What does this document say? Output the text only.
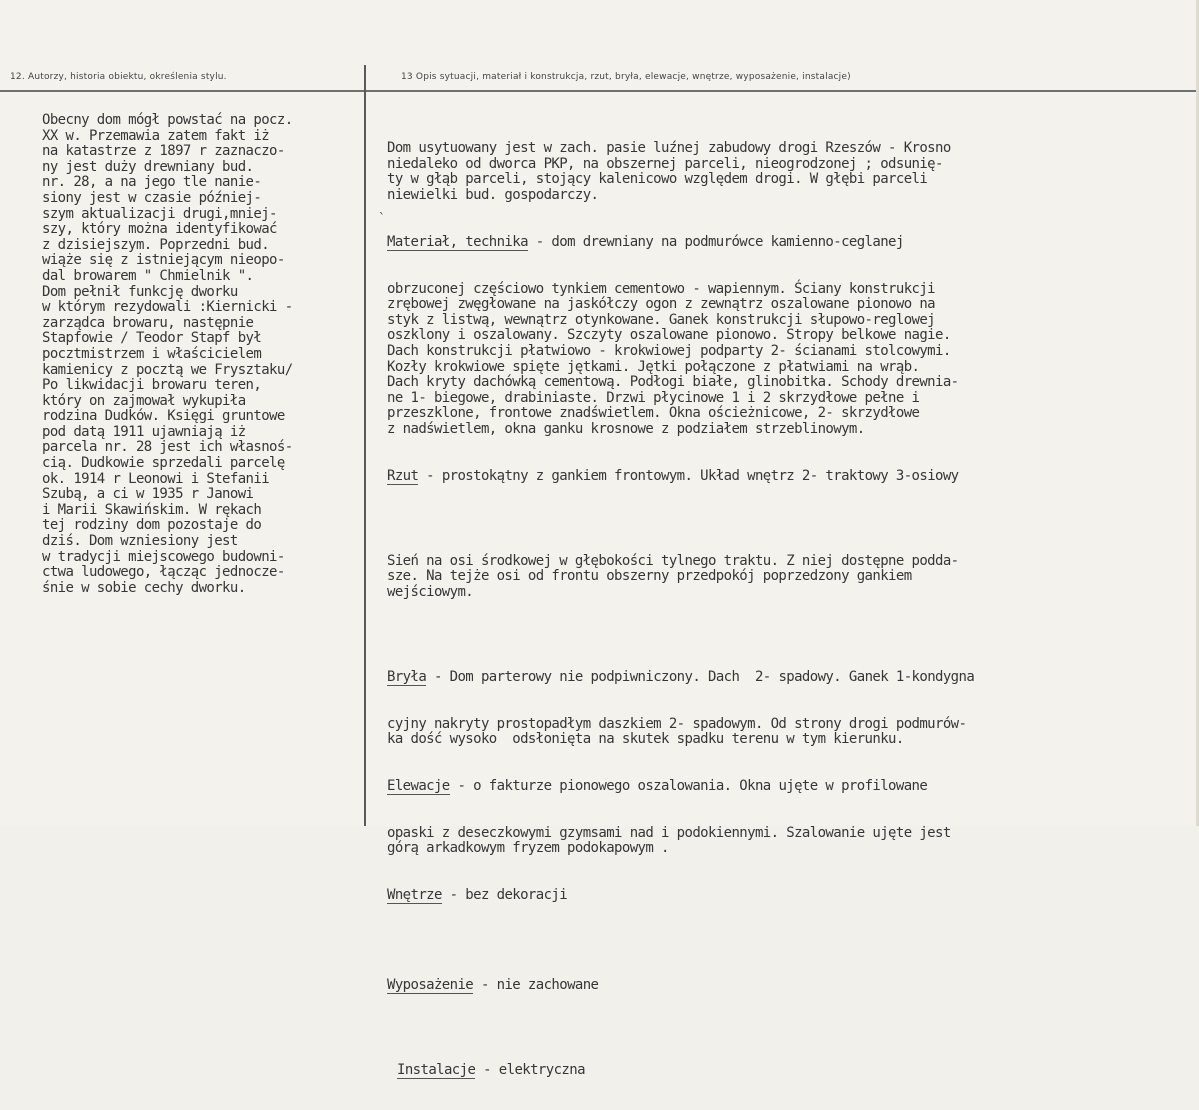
12. Autorzy, historia obiektu, określenia stylu.	13 Opis sytuacji, materiał i konstrukcja, rzut, bryła, elewacje, wnętrze, wyposażenie, instalacje)
Obecny dom mógł powstać na pocz.
XX w. Przemawia zatem fakt iż
na katastrze z 1897 r zaznaczo-
ny jest duży drewniany bud.
nr. 28, a na jego tle nanie-
siony jest w czasie później-
szym aktualizacji drugi,mniej-
szy, który można identyfikować
z dzisiejszym. Poprzedni bud.
wiąże się z istniejącym nieopo-
dal browarem " Chmielnik ".
Dom pełnił funkcję dworku
w którym rezydowali :Kiernicki -
zarządca browaru, następnie
Stapfowie / Teodor Stapf był
pocztmistrzem i właścicielem
kamienicy z pocztą we Frysztaku/
Po likwidacji browaru teren,
który on zajmował wykupiła
rodzina Dudków. Księgi gruntowe
pod datą 1911 ujawniają iż
parcela nr. 28 jest ich własnoś-
cią. Dudkowie sprzedali parcelę
ok. 1914 r Leonowi i Stefanii
Szubą, a ci w 1935 r Janowi
i Marii Skawińskim. W rękach
tej rodziny dom pozostaje do
dziś. Dom wzniesiony jest
w tradycji miejscowego budowni-
ctwa ludowego, łącząc jednocze-
śnie w sobie cechy dworku.
`

Dom usytuowany jest w zach. pasie luźnej zabudowy drogi Rzeszów - Krosno
niedaleko od dworca PKP, na obszernej parceli, nieogrodzonej ; odsunię-
ty w głąb parceli, stojący kalenicowo względem drogi. W głębi parceli
niewielki bud. gospodarczy.

Materiał, technika - dom drewniany na podmurówce kamienno-ceglanej

obrzuconej częściowo tynkiem cementowo - wapiennym. Ściany konstrukcji
zrębowej zwęgłowane na jaskółczy ogon z zewnątrz oszalowane pionowo na
styk z listwą, wewnątrz otynkowane. Ganek konstrukcji słupowo-reglowej
oszklony i oszalowany. Szczyty oszalowane pionowo. Stropy belkowe nagie.
Dach konstrukcji płatwiowo - krokwiowej podparty 2- ścianami stolcowymi.
Kozły krokwiowe spięte jętkami. Jętki połączone z płatwiami na wrąb.
Dach kryty dachówką cementową. Podłogi białe, glinobitka. Schody drewnia-
ne 1- biegowe, drabiniaste. Drzwi płycinowe 1 i 2 skrzydłowe pełne i
przeszklone, frontowe znadświetlem. Okna ościeżnicowe, 2- skrzydłowe
z nadświetlem, okna ganku krosnowe z podziałem strzeblinowym.

Rzut - prostokątny z gankiem frontowym. Układ wnętrz 2- traktowy 3-osiowy

Sień na osi środkowej w głębokości tylnego traktu. Z niej dostępne podda-
sze. Na tejże osi od frontu obszerny przedpokój poprzedzony gankiem
wejściowym.

Bryła - Dom parterowy nie podpiwniczony. Dach  2- spadowy. Ganek 1-kondygna

cyjny nakryty prostopadłym daszkiem 2- spadowym. Od strony drogi podmurów-
ka dość wysoko  odsłonięta na skutek spadku terenu w tym kierunku.

Elewacje - o fakturze pionowego oszalowania. Okna ujęte w profilowane

opaski z deseczkowymi gzymsami nad i podokiennymi. Szalowanie ujęte jest
górą arkadkowym fryzem podokapowym .

Wnętrze - bez dekoracji

Wyposażenie - nie zachowane

Instalacje - elektryczna
